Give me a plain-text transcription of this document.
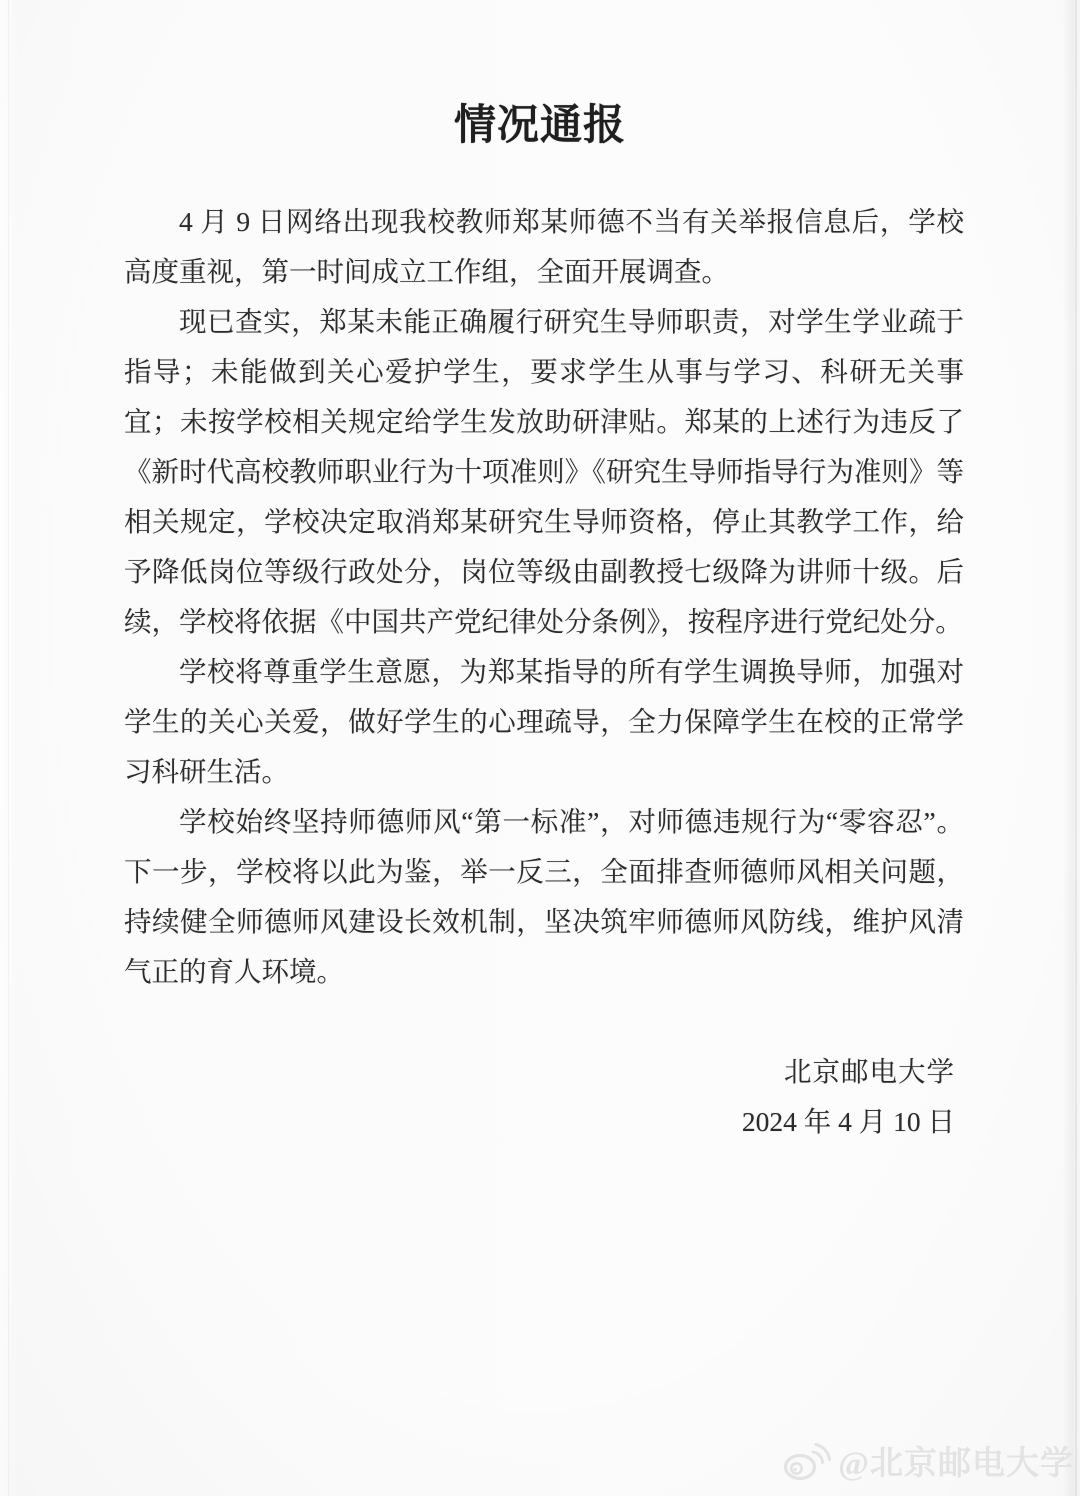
情况通报

4 月 9 日网络出现我校教师郑某师德不当有关举报信息后，学校高度重视，第一时间成立工作组，全面开展调查。

现已查实，郑某未能正确履行研究生导师职责，对学生学业疏于指导；未能做到关心爱护学生，要求学生从事与学习、科研无关事宜；未按学校相关规定给学生发放助研津贴。郑某的上述行为违反了《新时代高校教师职业行为十项准则》《研究生导师指导行为准则》等相关规定，学校决定取消郑某研究生导师资格，停止其教学工作，给予降低岗位等级行政处分，岗位等级由副教授七级降为讲师十级。后续，学校将依据《中国共产党纪律处分条例》，按程序进行党纪处分。

学校将尊重学生意愿，为郑某指导的所有学生调换导师，加强对学生的关心关爱，做好学生的心理疏导，全力保障学生在校的正常学习科研生活。

学校始终坚持师德师风“第一标准”，对师德违规行为“零容忍”。下一步，学校将以此为鉴，举一反三，全面排查师德师风相关问题，持续健全师德师风建设长效机制，坚决筑牢师德师风防线，维护风清气正的育人环境。

北京邮电大学
2024 年 4 月 10 日
@北京邮电大学
